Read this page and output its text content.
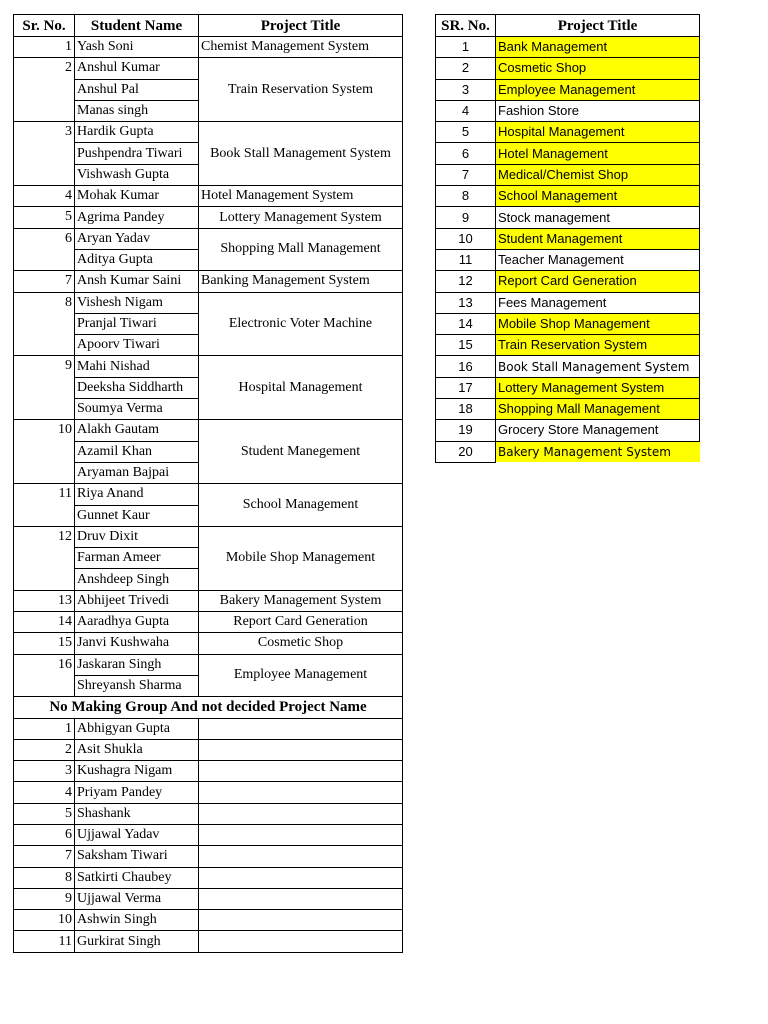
Sr. No.	Student Name	Project Title
1	Yash Soni	Chemist Management System
2	Anshul Kumar	Train Reservation System
	Anshul Pal	
	Manas singh	
3	Hardik Gupta	Book Stall Management System
	Pushpendra Tiwari	
	Vishwash Gupta	
4	Mohak Kumar	Hotel Management System
5	Agrima Pandey	Lottery Management System
6	Aryan Yadav	Shopping Mall Management
	Aditya Gupta	
7	Ansh Kumar Saini	Banking Management System
8	Vishesh Nigam	Electronic Voter Machine
	Pranjal Tiwari	
	Apoorv Tiwari	
9	Mahi Nishad	Hospital Management
	Deeksha Siddharth	
	Soumya Verma	
10	Alakh Gautam	Student Manegement
	Azamil Khan	
	Aryaman Bajpai	
11	Riya Anand	School Management
	Gunnet Kaur	
12	Druv Dixit	Mobile Shop Management
	Farman Ameer	
	Anshdeep Singh	
13	Abhijeet Trivedi	Bakery Management System
14	Aaradhya Gupta	Report Card Generation
15	Janvi Kushwaha	Cosmetic Shop
16	Jaskaran Singh	Employee Management
	Shreyansh Sharma	
No Making Group And not decided Project Name		
1	Abhigyan Gupta	
2	Asit Shukla	
3	Kushagra Nigam	
4	Priyam Pandey	
5	Shashank	
6	Ujjawal Yadav	
7	Saksham Tiwari	
8	Satkirti Chaubey	
9	Ujjawal Verma	
10	Ashwin Singh	
11	Gurkirat Singh	
SR. No.	Project Title
1	Bank Management
2	Cosmetic Shop
3	Employee Management
4	Fashion Store
5	Hospital Management
6	Hotel Management
7	Medical/Chemist Shop
8	School Management
9	Stock management
10	Student Management
11	Teacher Management
12	Report Card Generation
13	Fees Management
14	Mobile Shop Management
15	Train Reservation System
16	Book Stall Management System
17	Lottery Management System
18	Shopping Mall Management
19	Grocery Store Management
20	Bakery Management System
